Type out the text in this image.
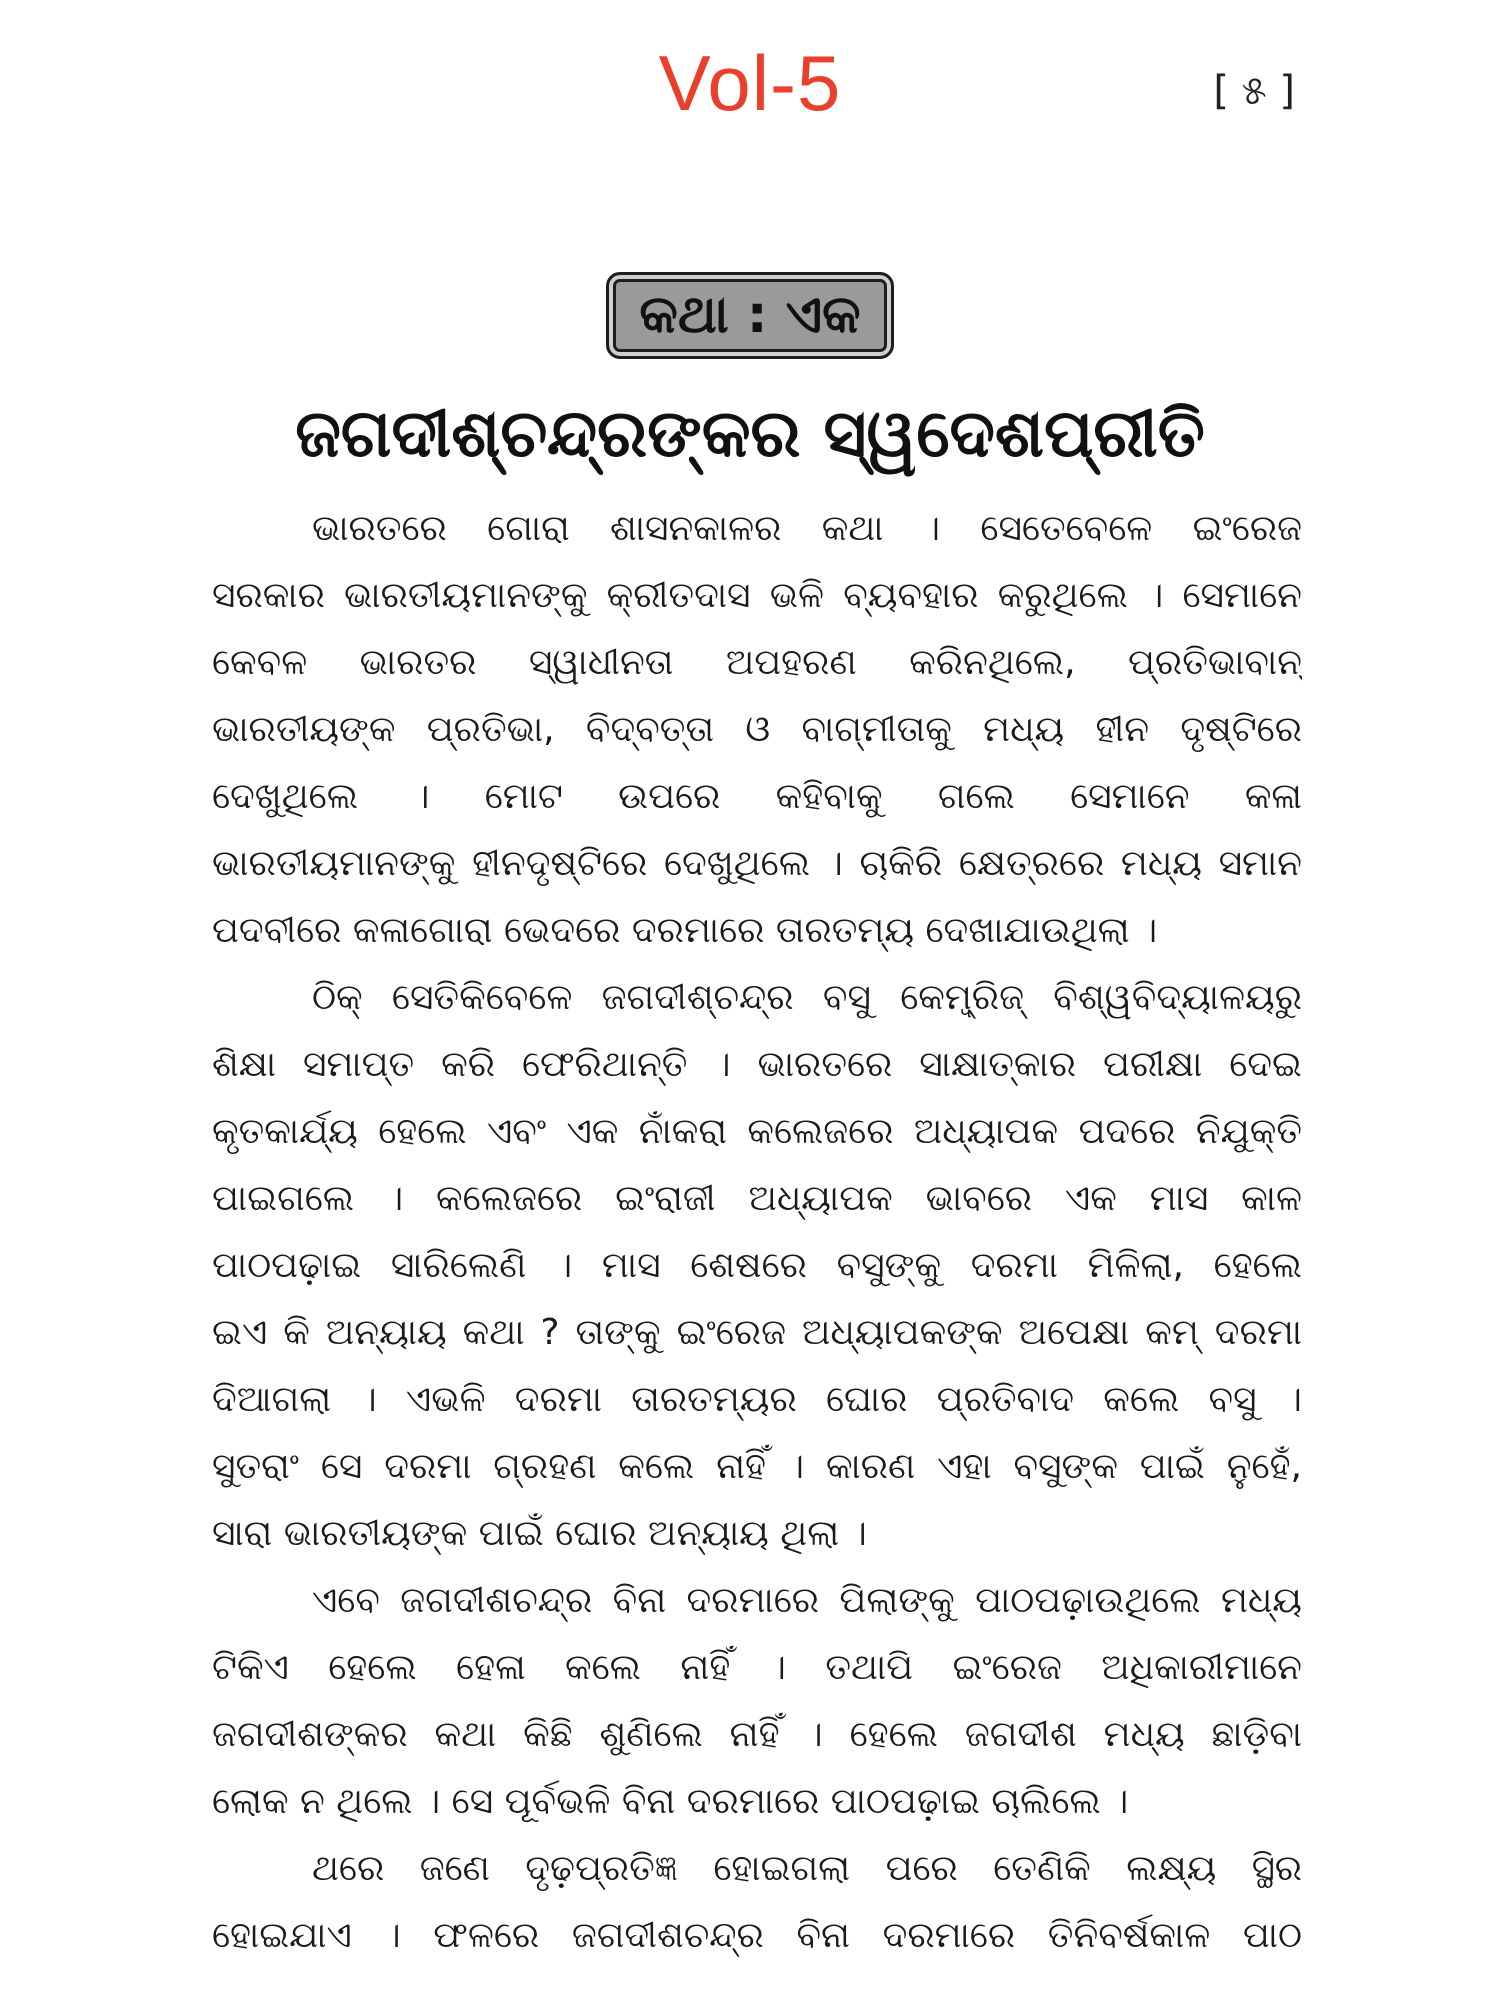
Vol-5	[ ୫ ]
କଥା : ଏକ
ଜଗଦୀଶ୍‌ଚନ୍ଦ୍ରଙ୍କର ସ୍ୱଦେଶପ୍ରୀତି
ଭାରତରେ ଗୋରା ଶାସନକାଳର କଥା । ସେତେବେଳେ ଇଂରେଜ
ସରକାର ଭାରତୀୟମାନଙ୍କୁ କ୍ରୀତଦାସ ଭଳି ବ୍ୟବହାର କରୁଥିଲେ । ସେମାନେ
କେବଳ ଭାରତର ସ୍ୱାଧୀନତା ଅପହରଣ କରିନଥିଲେ, ପ୍ରତିଭାବାନ୍
ଭାରତୀୟଙ୍କ ପ୍ରତିଭା, ବିଦ୍‌ବତ୍ତା ଓ ବାଗ୍ମୀତାକୁ ମଧ୍ୟ ହୀନ ଦୃଷ୍ଟିରେ
ଦେଖୁଥିଲେ । ମୋଟ ଉପରେ କହିବାକୁ ଗଲେ ସେମାନେ କଳା
ଭାରତୀୟମାନଙ୍କୁ ହୀନଦୃଷ୍ଟିରେ ଦେଖୁଥିଲେ । ଚାକିରି କ୍ଷେତ୍ରରେ ମଧ୍ୟ ସମାନ
ପଦବୀରେ କଳାଗୋରା ଭେଦରେ ଦରମାରେ ତାରତମ୍ୟ ଦେଖାଯାଉଥିଲା ।
ଠିକ୍ ସେତିକିବେଳେ ଜଗଦୀଶ୍‌ଚନ୍ଦ୍ର ବସୁ କେମ୍ବ୍ରିଜ୍ ବିଶ୍ୱବିଦ୍ୟାଳୟରୁ
ଶିକ୍ଷା ସମାପ୍ତ କରି ଫେରିଥାନ୍ତି । ଭାରତରେ ସାକ୍ଷାତ୍‌କାର ପରୀକ୍ଷା ଦେଇ
କୃତକାର୍ଯ୍ୟ ହେଲେ ଏବଂ ଏକ ନାଁକରା କଲେଜରେ ଅଧ୍ୟାପକ ପଦରେ ନିଯୁକ୍ତି
ପାଇଗଲେ । କଲେଜରେ ଇଂରାଜୀ ଅଧ୍ୟାପକ ଭାବରେ ଏକ ମାସ କାଳ
ପାଠପଢ଼ାଇ ସାରିଲେଣି । ମାସ ଶେଷରେ ବସୁଙ୍କୁ ଦରମା ମିଳିଲା, ହେଲେ
ଇଏ କି ଅନ୍ୟାୟ କଥା ? ତାଙ୍କୁ ଇଂରେଜ ଅଧ୍ୟାପକଙ୍କ ଅପେକ୍ଷା କମ୍ ଦରମା
ଦିଆଗଲା । ଏଭଳି ଦରମା ତାରତମ୍ୟର ଘୋର ପ୍ରତିବାଦ କଲେ ବସୁ ।
ସୁତରାଂ ସେ ଦରମା ଗ୍ରହଣ କଲେ ନାହିଁ । କାରଣ ଏହା ବସୁଙ୍କ ପାଇଁ ନୁହେଁ,
ସାରା ଭାରତୀୟଙ୍କ ପାଇଁ ଘୋର ଅନ୍ୟାୟ ଥିଲା ।
ଏବେ ଜଗଦୀଶଚନ୍ଦ୍ର ବିନା ଦରମାରେ ପିଲାଙ୍କୁ ପାଠପଢ଼ାଉଥିଲେ ମଧ୍ୟ
ଟିକିଏ ହେଲେ ହେଳା କଲେ ନାହିଁ । ତଥାପି ଇଂରେଜ ଅଧିକାରୀମାନେ
ଜଗଦୀଶଙ୍କର କଥା କିଛି ଶୁଣିଲେ ନାହିଁ । ହେଲେ ଜଗଦୀଶ ମଧ୍ୟ ଛାଡ଼ିବା
ଲୋକ ନ ଥିଲେ । ସେ ପୂର୍ବଭଳି ବିନା ଦରମାରେ ପାଠପଢ଼ାଇ ଚାଲିଲେ ।
ଥରେ ଜଣେ ଦୃଢ଼ପ୍ରତିଜ୍ଞ ହୋଇଗଲା ପରେ ତେଣିକି ଲକ୍ଷ୍ୟ ସ୍ଥିର
ହୋଇଯାଏ । ଫଳରେ ଜଗଦୀଶଚନ୍ଦ୍ର ବିନା ଦରମାରେ ତିନିବର୍ଷକାଳ ପାଠ
